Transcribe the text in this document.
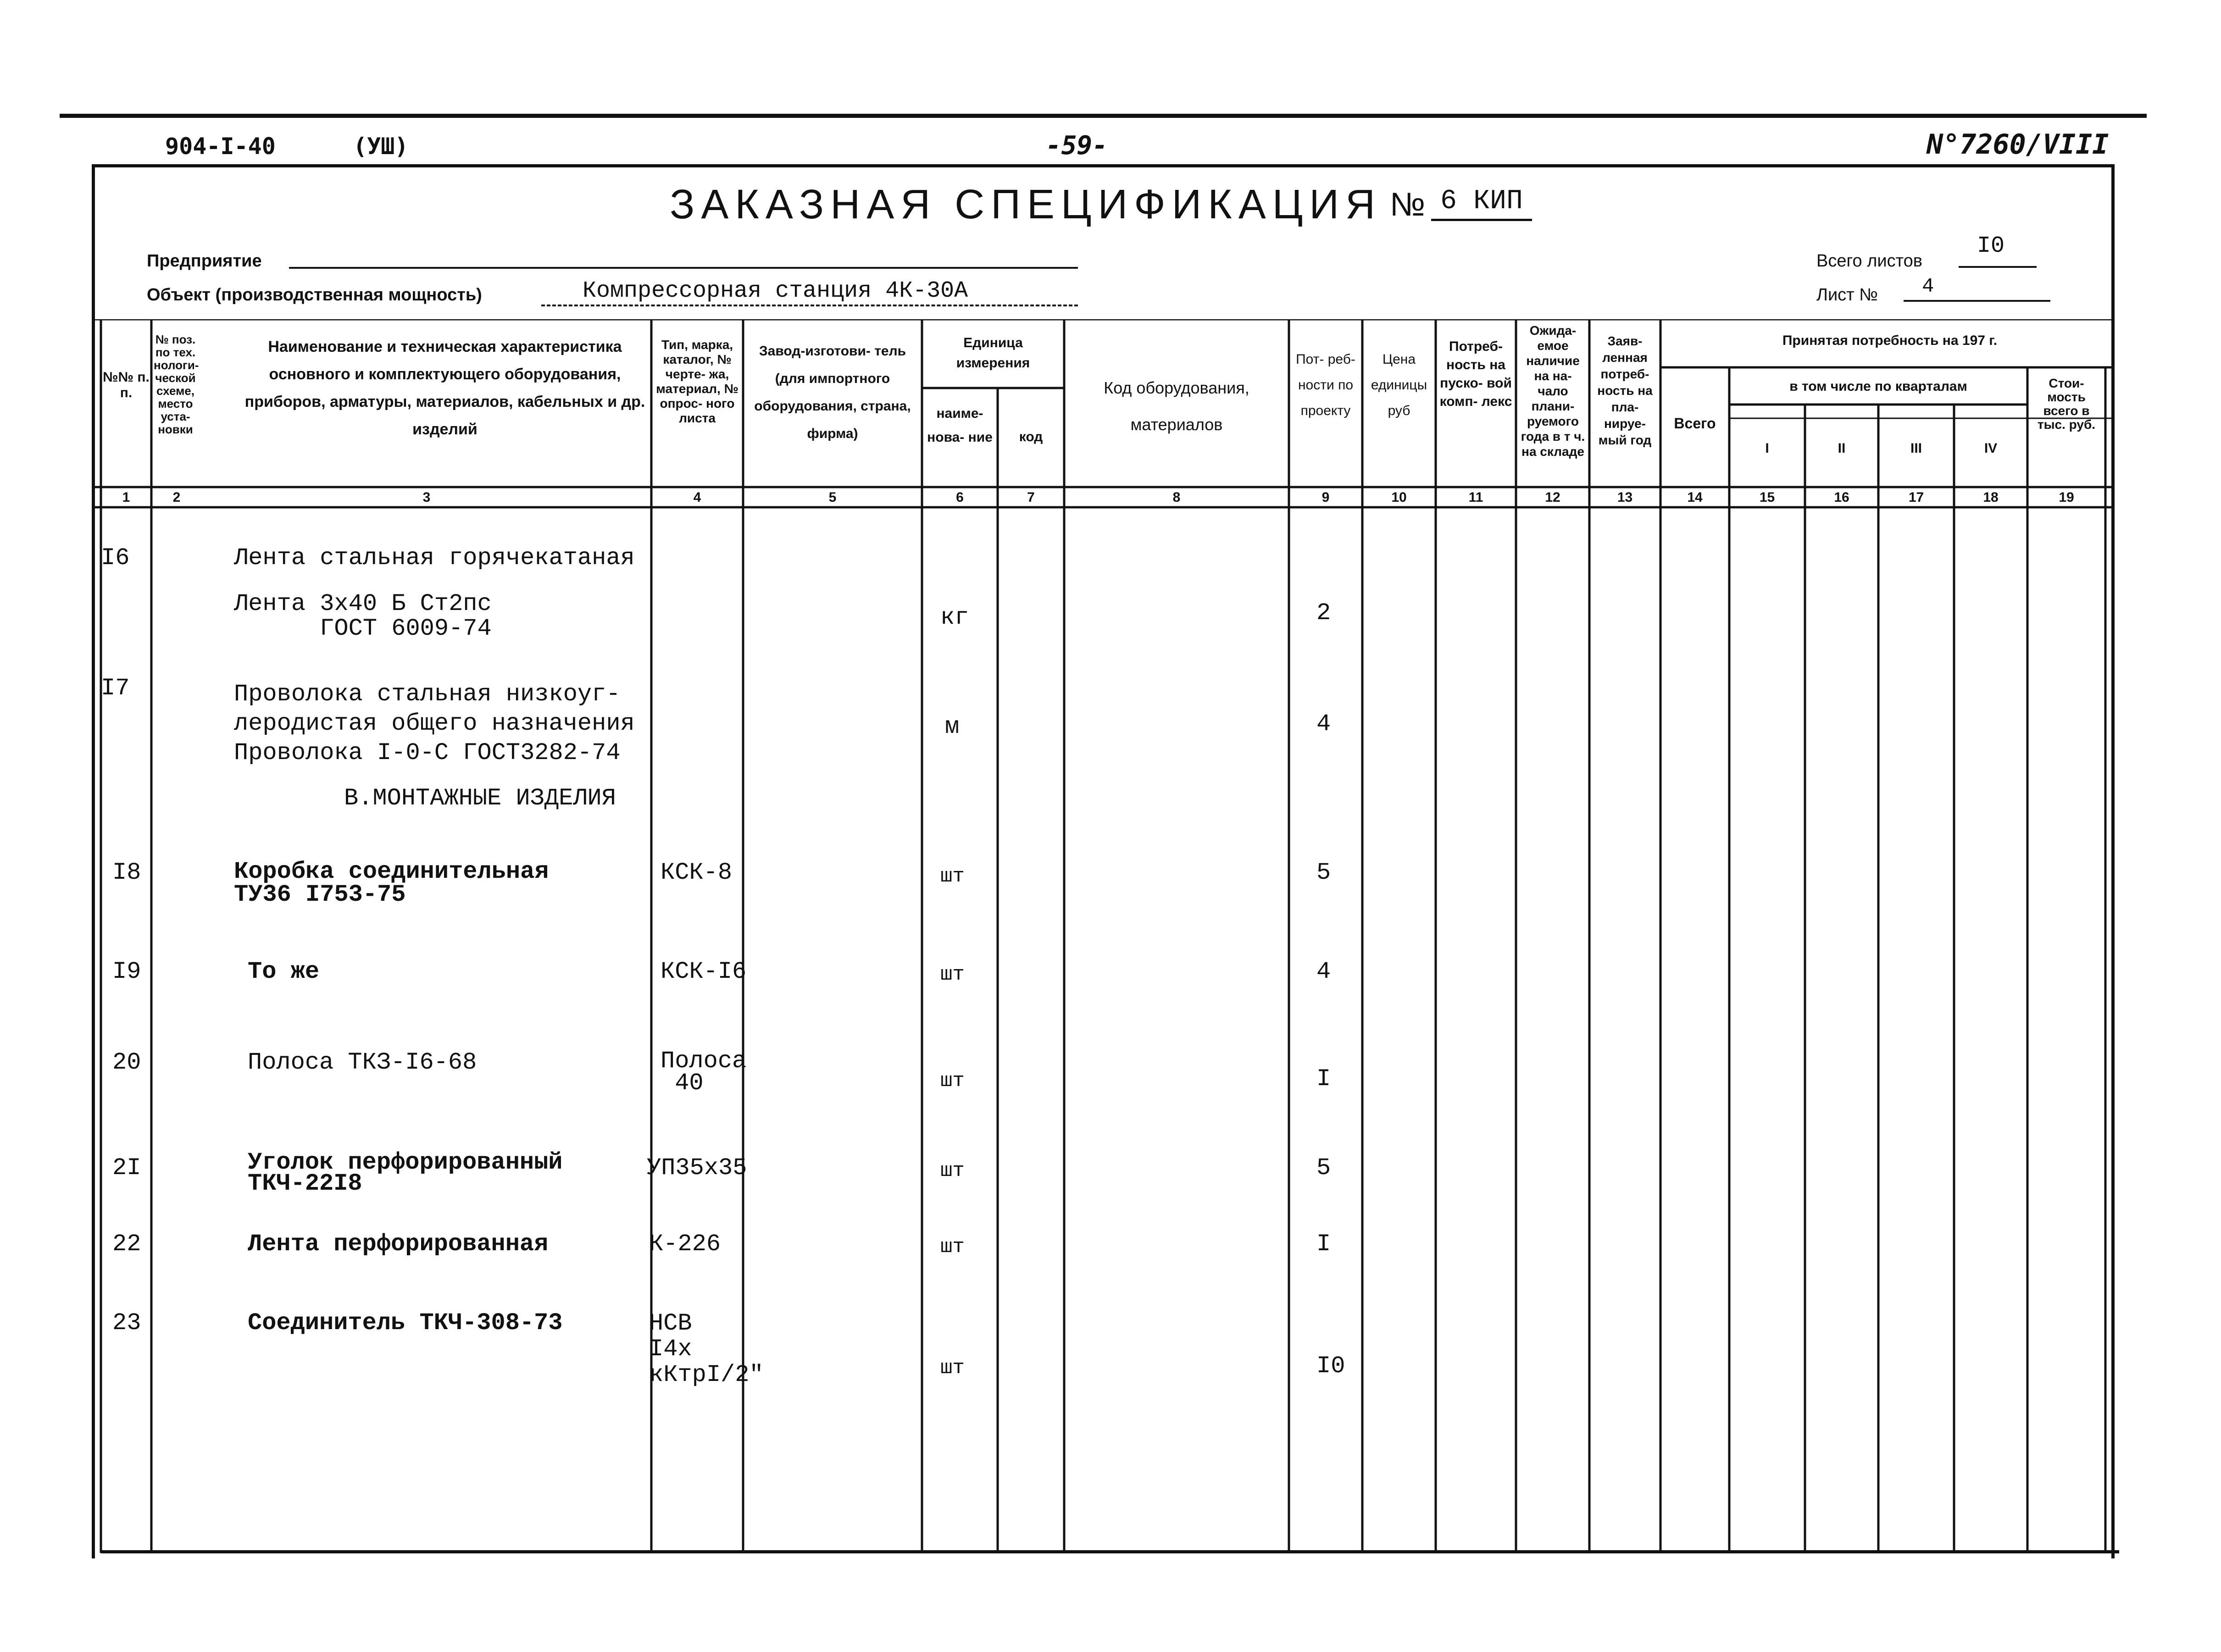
904-I-40	(УШ)	-59-	N°7260/VIII
ЗАКАЗНАЯ СПЕЦИФИКАЦИЯ № 6 КИП
Предприятие
Объект (производственная мощность)	Компрессорная станция 4К-30А
Всего листов
I0
Лист № 4
№№ п. п.
№ поз. по тех. нологи- ческой схеме, место уста- новки
Наименование и техническая характеристика основного и комплектующего оборудования, приборов, арматуры, материалов, кабельных и др. изделий
Тип, марка, каталог, № черте- жа, материал, № опрос- ного листа
Завод-изготови- тель (для импортного оборудования, страна, фирма)
Единица измерения
наиме- нова- ние	код
Код оборудования, материалов
Пот- реб- ности по проекту
Цена единицы руб
Потреб- ность на пуско- вой комп- лекс
Ожида- емое наличие на на- чало плани- руемого года в т ч. на складе
Заяв- ленная потреб- ность на пла- нируе- мый год
Принятая потребность на 197 г.
Всего
в том числе по кварталам
I	II	III	IV
Стои- мость всего в тыс. руб.
1	2	3	4	5	6	7	8	9	10	11	12	13	14	15	16	17	18	19
I6	Лента стальная горячекатаная
Лента 3х40 Б Ст2пс
ГОСТ 6009-74	кг	2
I7	Проволока стальная низкоуг-
леродистая общего назначения
Проволока I-0-С ГОСТ3282-74
м	4
В.МОНТАЖНЫЕ ИЗДЕЛИЯ
I8	Коробка соединительная
ТУ36 I753-75
КСК-8	шт	5
I9	То же	КСК-I6	шт	4
20	Полоса ТКЗ-I6-68	Полоса
40	шт	I
2I	Уголок перфорированный
ТКЧ-22I8
УП35х35	шт	5
22	Лента перфорированная	К-226	шт	I
23	Соединитель ТКЧ-308-73	НСВ
I4х
кКтрI/2"	шт	I0
